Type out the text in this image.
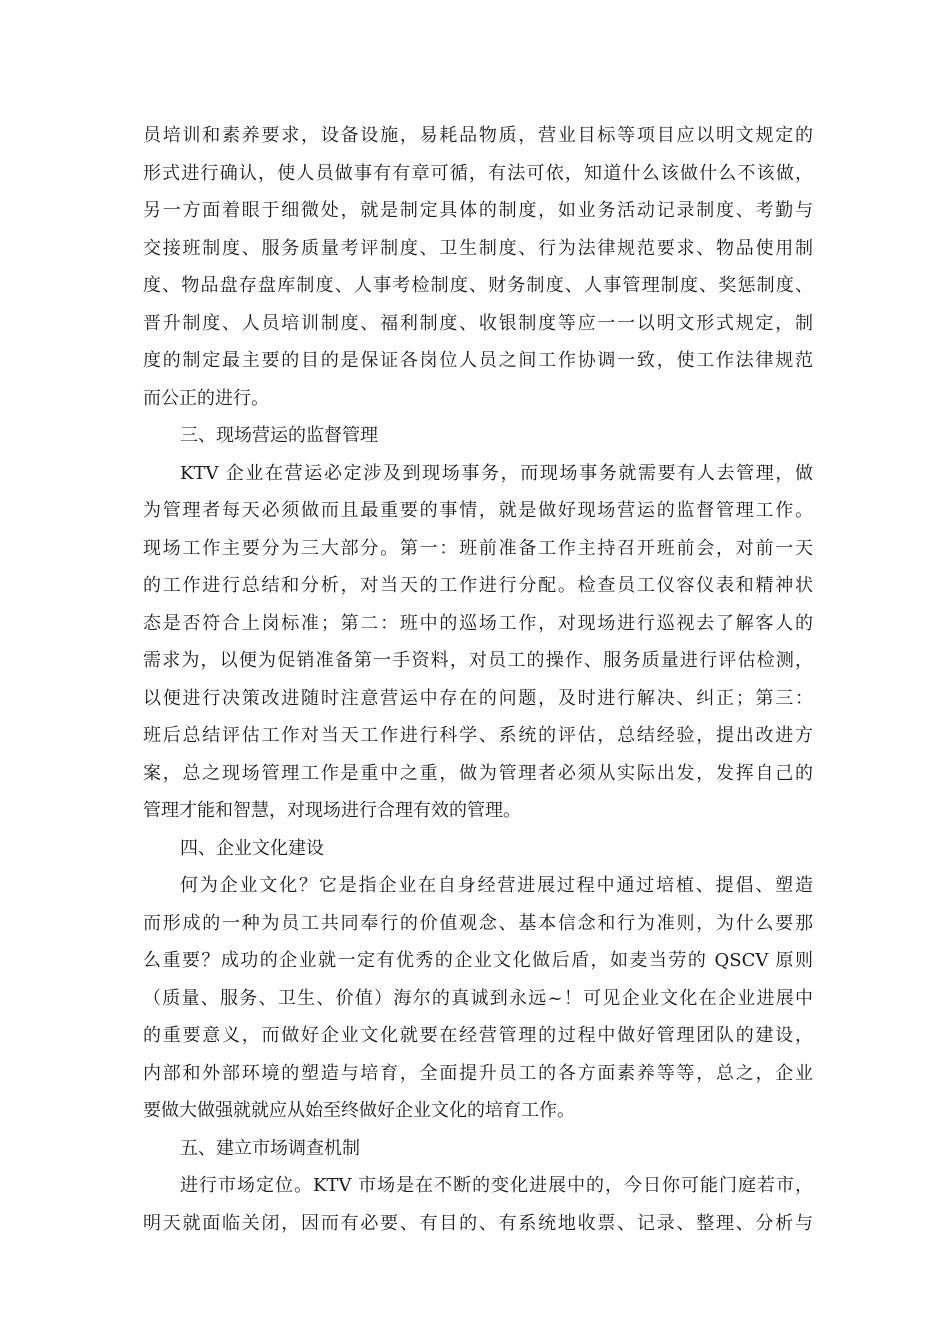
员培训和素养要求，设备设施，易耗品物质，营业目标等项目应以明文规定的
形式进行确认，使人员做事有有章可循，有法可依，知道什么该做什么不该做，
另一方面着眼于细微处，就是制定具体的制度，如业务活动记录制度、考勤与
交接班制度、服务质量考评制度、卫生制度、行为法律规范要求、物品使用制
度、物品盘存盘库制度、人事考检制度、财务制度、人事管理制度、奖惩制度、
晋升制度、人员培训制度、福利制度、收银制度等应一一以明文形式规定，制
度的制定最主要的目的是保证各岗位人员之间工作协调一致，使工作法律规范
而公正的进行。
三、现场营运的监督管理
KTV 企业在营运必定涉及到现场事务，而现场事务就需要有人去管理，做
为管理者每天必须做而且最重要的事情，就是做好现场营运的监督管理工作。
现场工作主要分为三大部分。第一：班前准备工作主持召开班前会，对前一天
的工作进行总结和分析，对当天的工作进行分配。检查员工仪容仪表和精神状
态是否符合上岗标准；第二：班中的巡场工作，对现场进行巡视去了解客人的
需求为，以便为促销准备第一手资料，对员工的操作、服务质量进行评估检测，
以便进行决策改进随时注意营运中存在的问题，及时进行解决、纠正；第三：
班后总结评估工作对当天工作进行科学、系统的评估，总结经验，提出改进方
案，总之现场管理工作是重中之重，做为管理者必须从实际出发，发挥自己的
管理才能和智慧，对现场进行合理有效的管理。
四、企业文化建设
何为企业文化？它是指企业在自身经营进展过程中通过培植、提倡、塑造
而形成的一种为员工共同奉行的价值观念、基本信念和行为准则，为什么要那
么重要？成功的企业就一定有优秀的企业文化做后盾，如麦当劳的 QSCV 原则
（质量、服务、卫生、价值）海尔的真诚到永远~！可见企业文化在企业进展中
的重要意义，而做好企业文化就要在经营管理的过程中做好管理团队的建设，
内部和外部环境的塑造与培育，全面提升员工的各方面素养等等，总之，企业
要做大做强就就应从始至终做好企业文化的培育工作。
五、建立市场调查机制
进行市场定位。KTV 市场是在不断的变化进展中的，今日你可能门庭若市，
明天就面临关闭，因而有必要、有目的、有系统地收票、记录、整理、分析与
